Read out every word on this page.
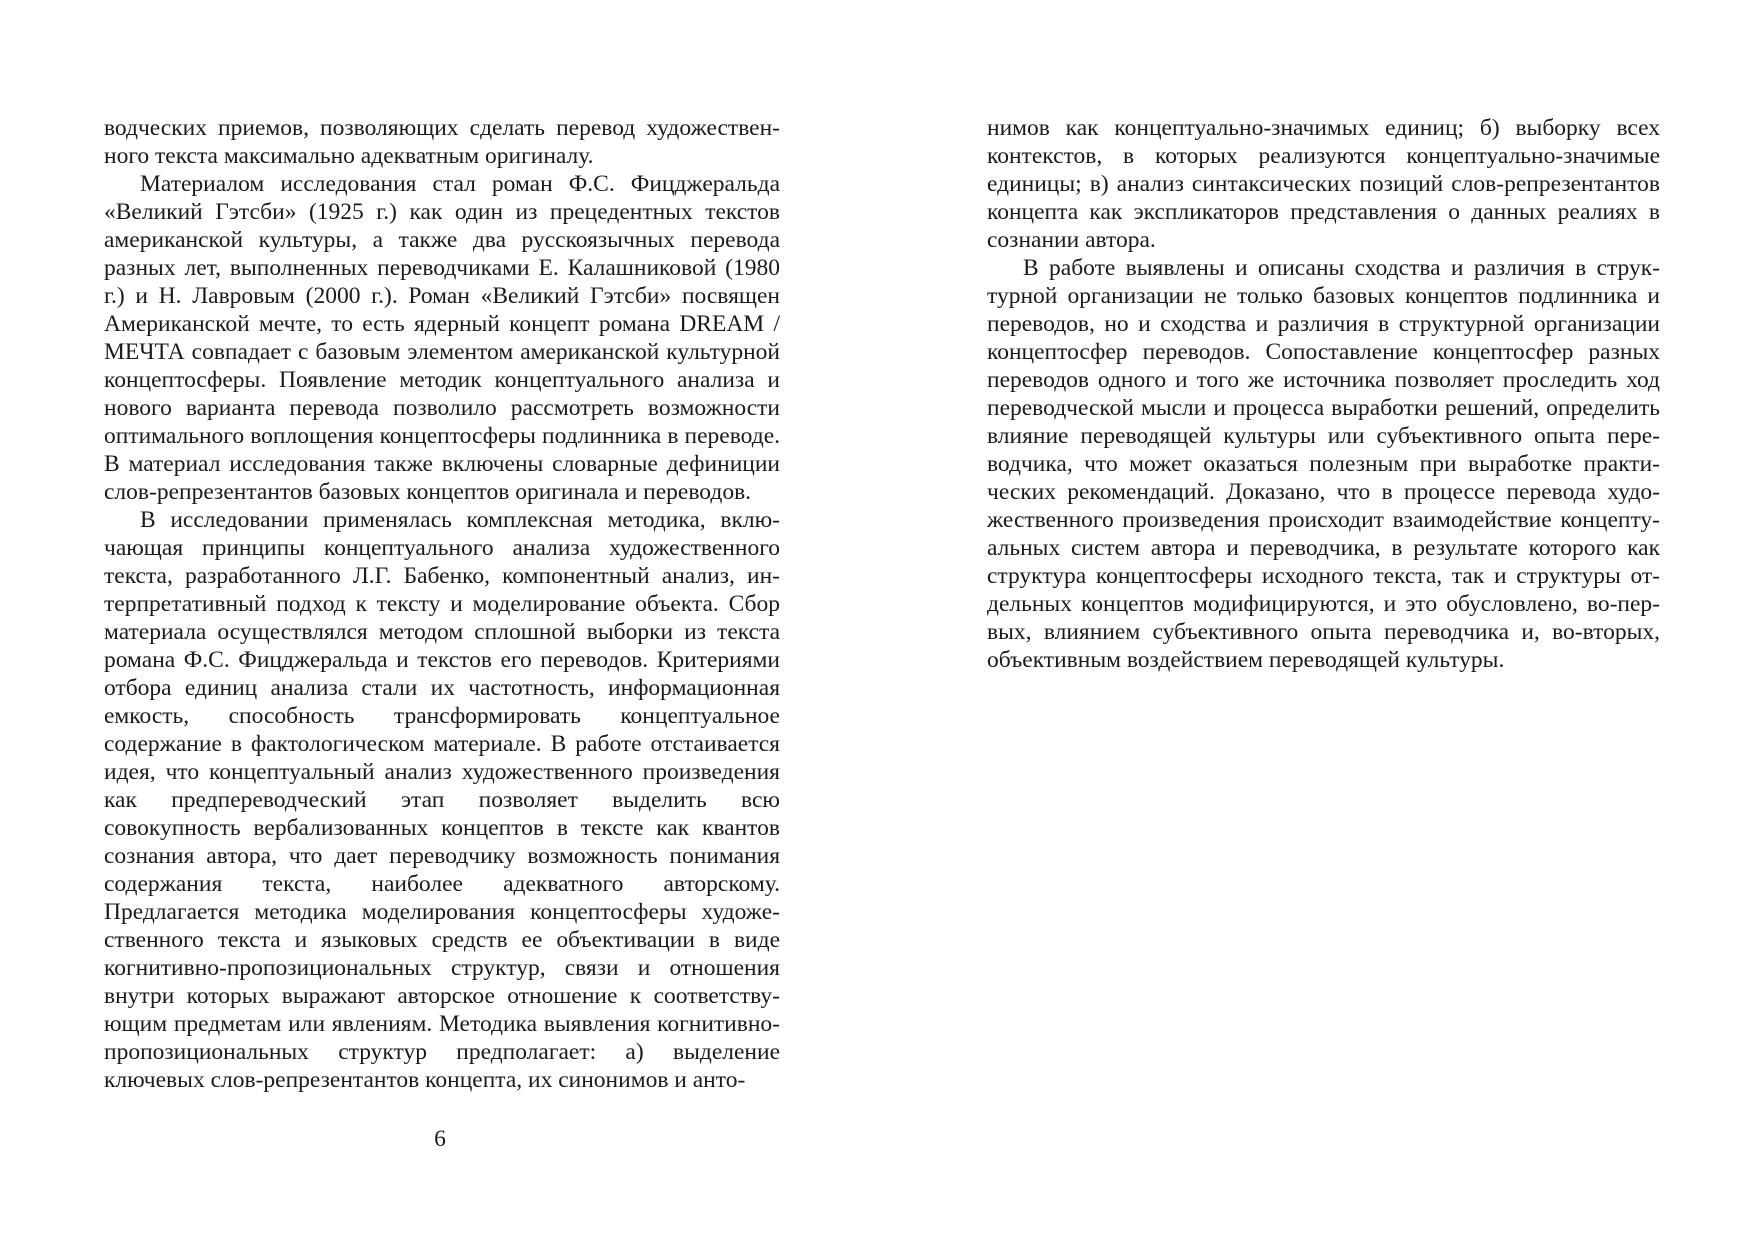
водческих приемов, позволяющих сделать перевод художественного текста максимально адекватным оригиналу.

Материалом исследования стал роман Ф.С. Фицджеральда «Великий Гэтсби» (1925 г.) как один из прецедентных текстов американской культуры, а также два русскоязычных перевода разных лет, выполненных переводчиками Е. Калашниковой (1980 г.) и Н. Лавровым (2000 г.). Роман «Великий Гэтсби» посвящен Американской мечте, то есть ядерный концепт романа DREAM / МЕЧТА совпадает с базовым элементом американской культурной концептосферы. Появление методик концептуального анализа и нового варианта перевода позволило рассмотреть возможности оптимального воплощения концептосферы подлинника в переводе. В материал исследования также включены словарные дефиниции слов-репрезентантов базовых концептов оригинала и переводов.

В исследовании применялась комплексная методика, включающая принципы концептуального анализа художественного текста, разработанного Л.Г. Бабенко, компонентный анализ, интерпретативный подход к тексту и моделирование объекта. Сбор материала осуществлялся методом сплошной выборки из текста романа Ф.С. Фицджеральда и текстов его переводов. Критериями отбора единиц анализа стали их частотность, информационная емкость, способность трансформировать концептуальное содержание в фактологическом материале. В работе отстаивается идея, что концептуальный анализ художественного произведения как предпереводческий этап позволяет выделить всю совокупность вербализованных концептов в тексте как квантов сознания автора, что дает переводчику возможность понимания содержания текста, наиболее адекватного авторскому. Предлагается методика моделирования концептосферы художественного текста и языковых средств ее объективации в виде когнитивно-пропозициональных структур, связи и отношения внутри которых выражают авторское отношение к соответствующим предметам или явлениям. Методика выявления когнитивно-пропозициональных структур предполагает: а) выделение ключевых слов-репрезентантов концепта, их синонимов и анто-

6

нимов как концептуально-значимых единиц; б) выборку всех контекстов, в которых реализуются концептуально-значимые единицы; в) анализ синтаксических позиций слов-репрезентантов концепта как экспликаторов представления о данных реалиях в сознании автора.

В работе выявлены и описаны сходства и различия в структурной организации не только базовых концептов подлинника и переводов, но и сходства и различия в структурной организации концептосфер переводов. Сопоставление концептосфер разных переводов одного и того же источника позволяет проследить ход переводческой мысли и процесса выработки решений, определить влияние переводящей культуры или субъективного опыта переводчика, что может оказаться полезным при выработке практических рекомендаций. Доказано, что в процессе перевода художественного произведения происходит взаимодействие концептуальных систем автора и переводчика, в результате которого как структура концептосферы исходного текста, так и структуры отдельных концептов модифицируются, и это обусловлено, во-первых, влиянием субъективного опыта переводчика и, во-вторых, объективным воздействием переводящей культуры.
